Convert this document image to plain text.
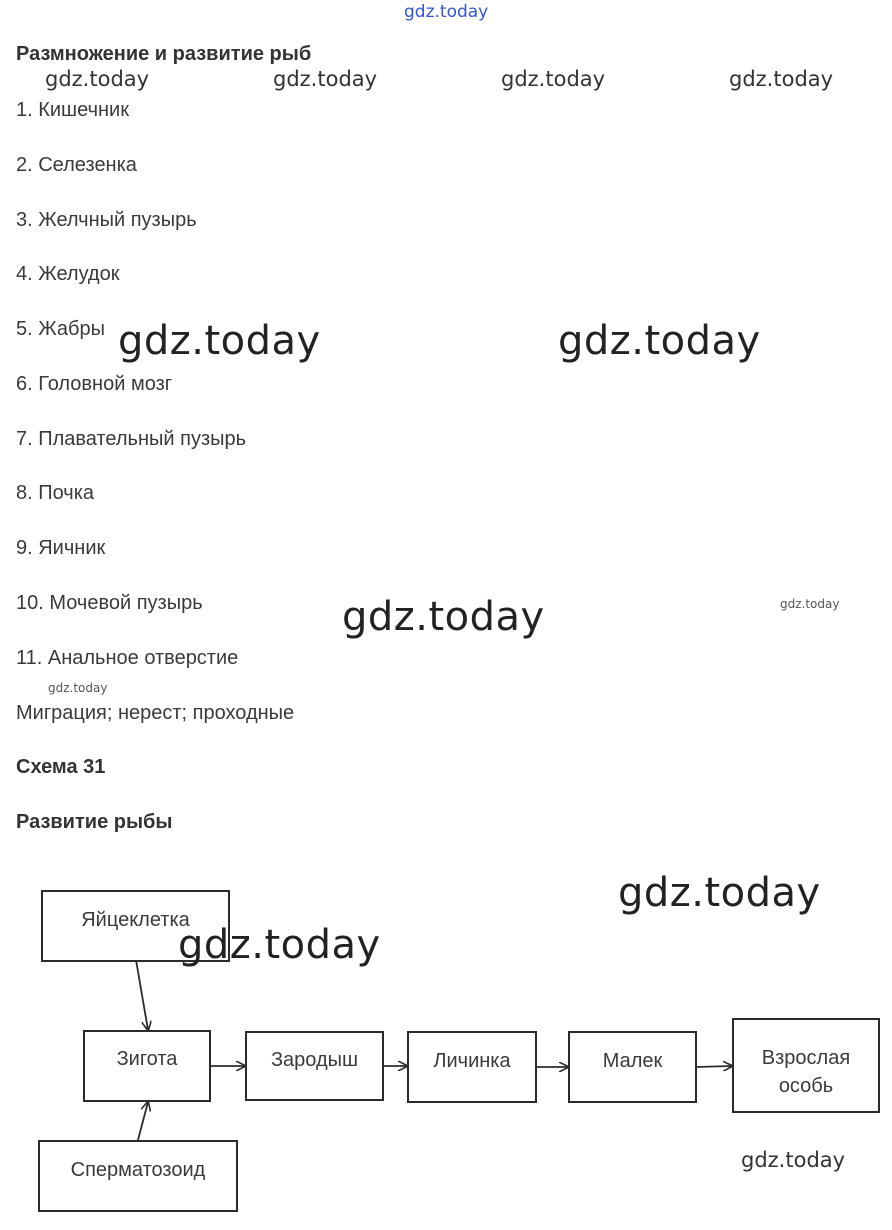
gdz.today
Размножение и развитие рыб
gdz.today	gdz.today	gdz.today	gdz.today
1. Кишечник
2. Селезенка
3. Желчный пузырь
4. Желудок
5. Жабры
6. Головной мозг
7. Плавательный пузырь
8. Почка
9. Яичник
10. Мочевой пузырь
11. Анальное отверстие
gdz.today	gdz.today
gdz.today	gdz.today
gdz.today
Миграция; нерест; проходные
Схема 31
Развитие рыбы
Яйцеклетка
Зигота	Зародыш	Личинка	Малек	Взрослая
особь
Сперматозоид
gdz.today
gdz.today
gdz.today
